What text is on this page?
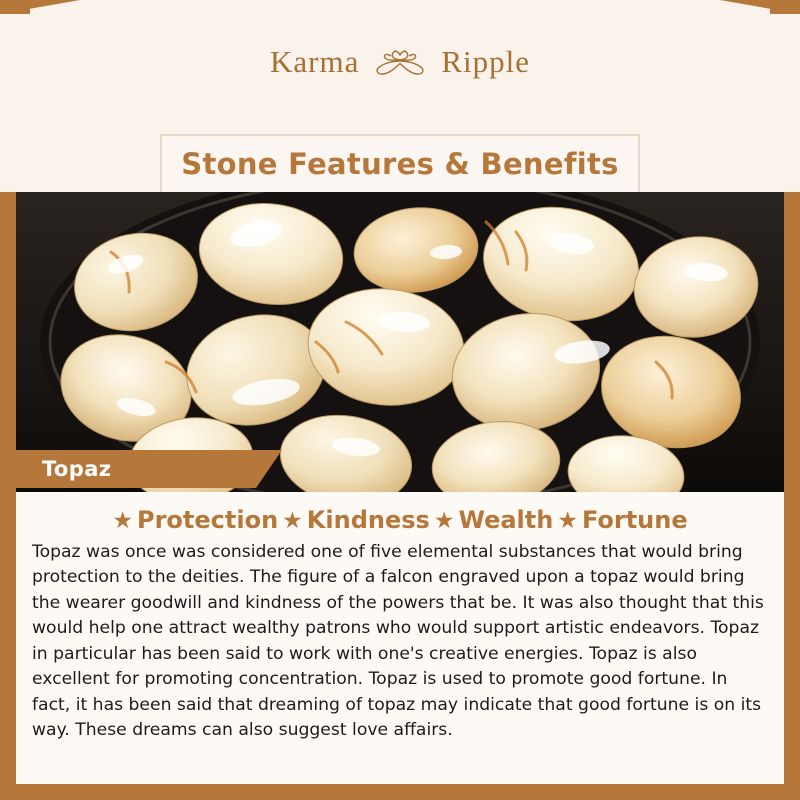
Karma	Ripple
Stone Features & Benefits
Topaz
★ Protection ★ Kindness ★ Wealth ★ Fortune

Topaz was once was considered one of five elemental substances that would bring protection to the deities. The figure of a falcon engraved upon a topaz would bring the wearer goodwill and kindness of the powers that be. It was also thought that this would help one attract wealthy patrons who would support artistic endeavors. Topaz in particular has been said to work with one's creative energies. Topaz is also excellent for promoting concentration. Topaz is used to promote good fortune. In fact, it has been said that dreaming of topaz may indicate that good fortune is on its way. These dreams can also suggest love affairs.
